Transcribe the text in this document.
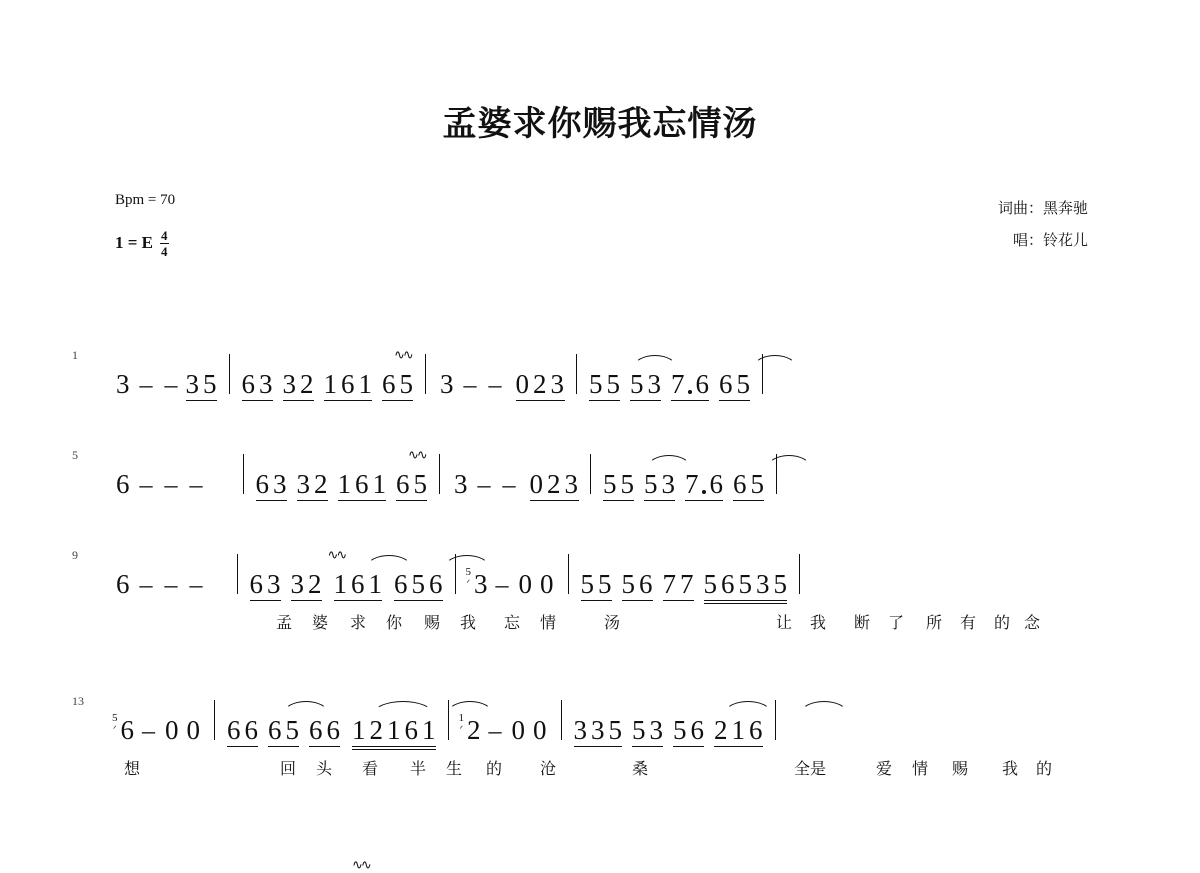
孟婆求你赐我忘情汤
Bpm = 70
1 = E $\frac{4}{4}$
词曲：黑奔驰
唱：铃花儿
1
3 – – 3 5 6 3 3 2 1 6 1
∿∿
6 5 3 – – 0 2 3 5 5 5 3 7 6 6 5
5
6 – – – 6 3 3 2 1 6 1
∿∿
6 5 3 – – 0 2 3 5 5 5 3 7 6 6 5
9
6 – – –
∿∿
6 3 3 2 1 6 1 6 5 6 5
ᐟ 3 – 0 0 5 5 5 6 7 7 5 6 5 3 5
孟 婆 求 你 赐 我 忘 情	汤	让 我 断 了 所 有 的 念
13
5
ᐟ 6 – 0 0 6 6 6 5 6 6 1 2 1 6 1 1
ᐟ 2 – 0 0 3 3 5 5 3 5 6 2 1 6
想	回 头 看 半 生 的 沧	桑	全是	爱 情 赐 我 的
∿∿
